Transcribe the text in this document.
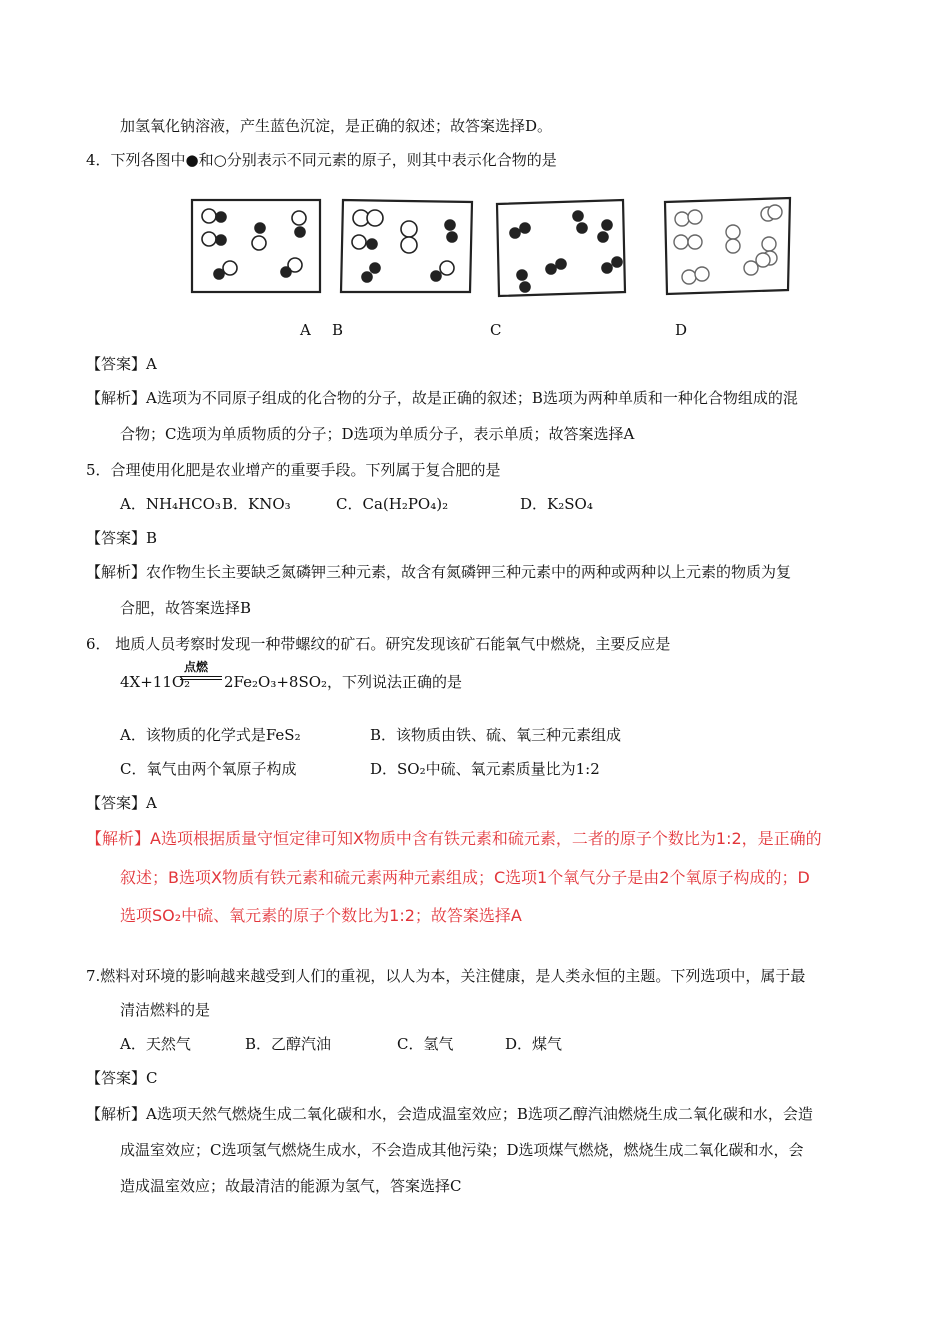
加氢氧化钠溶液，产生蓝色沉淀，是正确的叙述；故答案选择D。
4．下列各图中●和○分别表示不同元素的原子，则其中表示化合物的是
A B	C	D
【答案】A
【解析】A选项为不同原子组成的化合物的分子，故是正确的叙述；B选项为两种单质和一种化合物组成的混
合物；C选项为单质物质的分子；D选项为单质分子，表示单质；故答案选择A
5．合理使用化肥是农业增产的重要手段。下列属于复合肥的是
A．NH₄HCO₃ B．KNO₃	C．Ca(H₂PO₄)₂	D．K₂SO₄
【答案】B
【解析】农作物生长主要缺乏氮磷钾三种元素，故含有氮磷钾三种元素中的两种或两种以上元素的物质为复
合肥，故答案选择B
6． 地质人员考察时发现一种带螺纹的矿石。研究发现该矿石能氧气中燃烧，主要反应是
4X+11O₂
点燃
2Fe₂O₃+8SO₂，下列说法正确的是
A．该物质的化学式是FeS₂	B．该物质由铁、硫、氧三种元素组成
C．氧气由两个氧原子构成	D．SO₂中硫、氧元素质量比为1:2
【答案】A
【解析】A选项根据质量守恒定律可知X物质中含有铁元素和硫元素，二者的原子个数比为1:2，是正确的
叙述；B选项X物质有铁元素和硫元素两种元素组成；C选项1个氧气分子是由2个氧原子构成的；D
选项SO₂中硫、氧元素的原子个数比为1:2；故答案选择A
7.燃料对环境的影响越来越受到人们的重视，以人为本，关注健康，是人类永恒的主题。下列选项中，属于最
清洁燃料的是
A．天然气	B．乙醇汽油	C．氢气	D．煤气
【答案】C
【解析】A选项天然气燃烧生成二氧化碳和水，会造成温室效应；B选项乙醇汽油燃烧生成二氧化碳和水，会造
成温室效应；C选项氢气燃烧生成水，不会造成其他污染；D选项煤气燃烧，燃烧生成二氧化碳和水，会
造成温室效应；故最清洁的能源为氢气，答案选择C
